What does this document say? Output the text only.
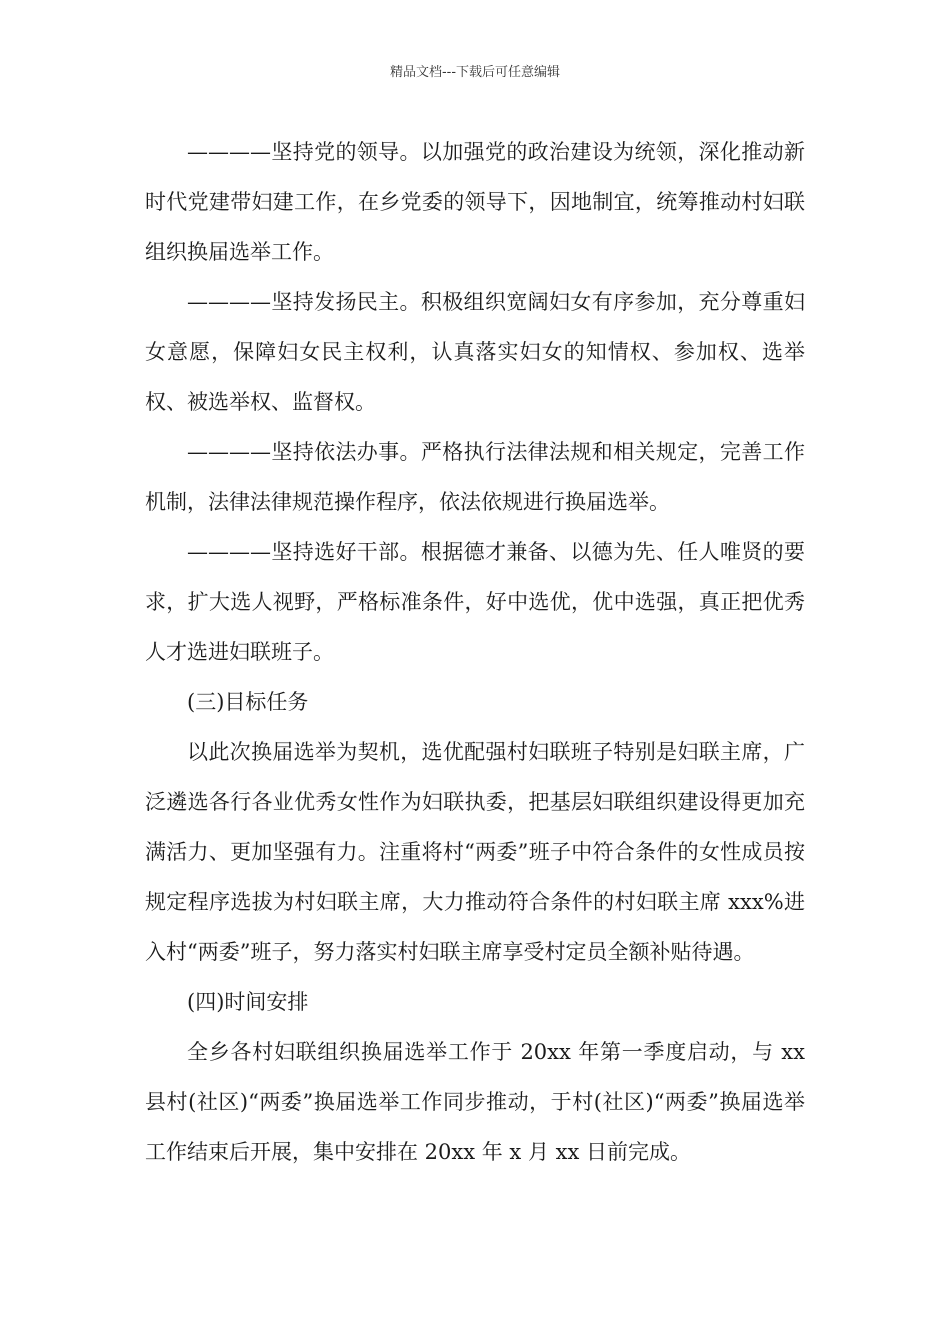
精品文档---下载后可任意编辑

————坚持党的领导。以加强党的政治建设为统领，深化推动新时代党建带妇建工作，在乡党委的领导下，因地制宜，统筹推动村妇联组织换届选举工作。

————坚持发扬民主。积极组织宽阔妇女有序参加，充分尊重妇女意愿，保障妇女民主权利，认真落实妇女的知情权、参加权、选举权、被选举权、监督权。

————坚持依法办事。严格执行法律法规和相关规定，完善工作机制，法律法律规范操作程序，依法依规进行换届选举。

————坚持选好干部。根据德才兼备、以德为先、任人唯贤的要求，扩大选人视野，严格标准条件，好中选优，优中选强，真正把优秀人才选进妇联班子。

(三)目标任务

以此次换届选举为契机，选优配强村妇联班子特别是妇联主席，广泛遴选各行各业优秀女性作为妇联执委，把基层妇联组织建设得更加充满活力、更加坚强有力。注重将村“两委”班子中符合条件的女性成员按规定程序选拔为村妇联主席，大力推动符合条件的村妇联主席 xxx%进入村“两委”班子，努力落实村妇联主席享受村定员全额补贴待遇。

(四)时间安排

全乡各村妇联组织换届选举工作于 20xx 年第一季度启动，与 xx 县村(社区)“两委”换届选举工作同步推动，于村(社区)“两委”换届选举工作结束后开展，集中安排在 20xx 年 x 月 xx 日前完成。
